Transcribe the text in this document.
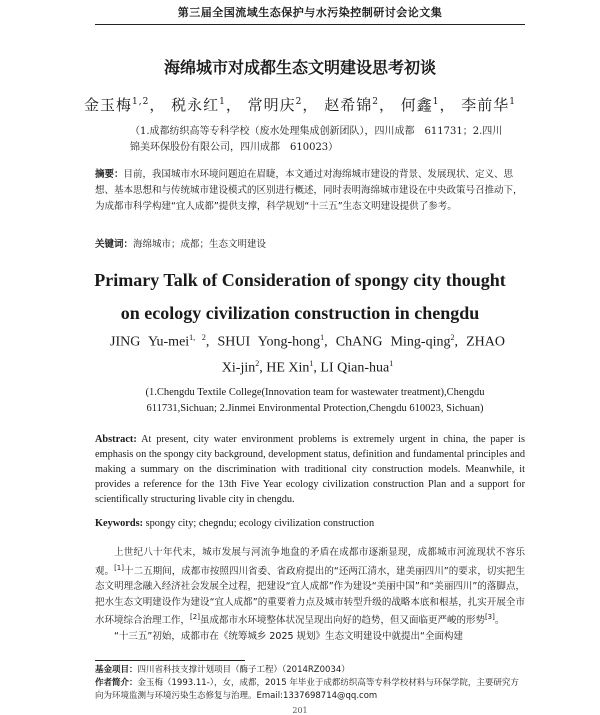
第三届全国流域生态保护与水污染控制研讨会论文集
海绵城市对成都生态文明建设思考初谈
金玉梅$^{1,2}$， 税永红$^1$， 常明庆$^2$， 赵希锦$^2$， 何鑫$^1$， 李前华$^1$
（1.成都纺织高等专科学校（废水处理集成创新团队），四川成都　611731；2.四川锦美环保股份有限公司，四川成都　610023）
摘要：目前，我国城市水环境问题迫在眉睫，本文通过对海绵城市建设的背景、发展现状、定义、思想、基本思想和与传统城市建设模式的区别进行概述，同时表明海绵城市建设在中央政策号召推动下，为成都市科学构建“宜人成都”提供支撑，科学规划“十三五”生态文明建设提供了参考。
关键词：海绵城市；成都；生态文明建设
Primary Talk of Consideration of spongy city thought
on ecology civilization construction in chengdu
JING Yu-mei$^{1, 2}$, SHUI Yong-hong$^1$, ChANG Ming-qing$^2$, ZHAO
Xi-jin$^2$, HE Xin$^1$, LI Qian-hua$^1$
(1.Chengdu Textile College(Innovation team for wastewater treatment),Chengdu 611731,Sichuan; 2.Jinmei Environmental Protection,Chengdu 610023, Sichuan)
Abstract: At present, city water environment problems is extremely urgent in china, the paper is emphasis on the spongy city background, development status, definition and fundamental principles and making a summary on the discrimination with traditional city construction models. Meanwhile, it provides a reference for the 13th Five Year ecology civilization construction Plan and a support for scientifically structuring livable city in chengdu.
Keywords: spongy city; chegndu; ecology civilization construction

上世纪八十年代末，城市发展与河流争地盘的矛盾在成都市逐渐显现，成都城市河流现状不容乐观。[1]十二五期间，成都市按照四川省委、省政府提出的“还两江清水，建美丽四川”的要求，切实把生态文明理念融入经济社会发展全过程，把建设“宜人成都”作为建设“美丽中国”和“美丽四川”的落脚点，把水生态文明建设作为建设“宜人成都”的重要着力点及城市转型升级的战略本底和根基，扎实开展全市水环境综合治理工作，[2]虽成都市水环境整体状况呈现出向好的趋势，但又面临更严峻的形势[3]。

“十三五”初始，成都市在《统筹城乡 2025 规划》生态文明建设中就提出“全面构建

基金项目：四川省科技支撑计划项目（酶子工程）（2014RZ0034）
作者简介：金玉梅（1993.11-），女，成都，2015 年毕业于成都纺织高等专科学校材料与环保学院，主要研究方向为环境监测与环境污染生态修复与治理。Email:1337698714@qq.com
201
